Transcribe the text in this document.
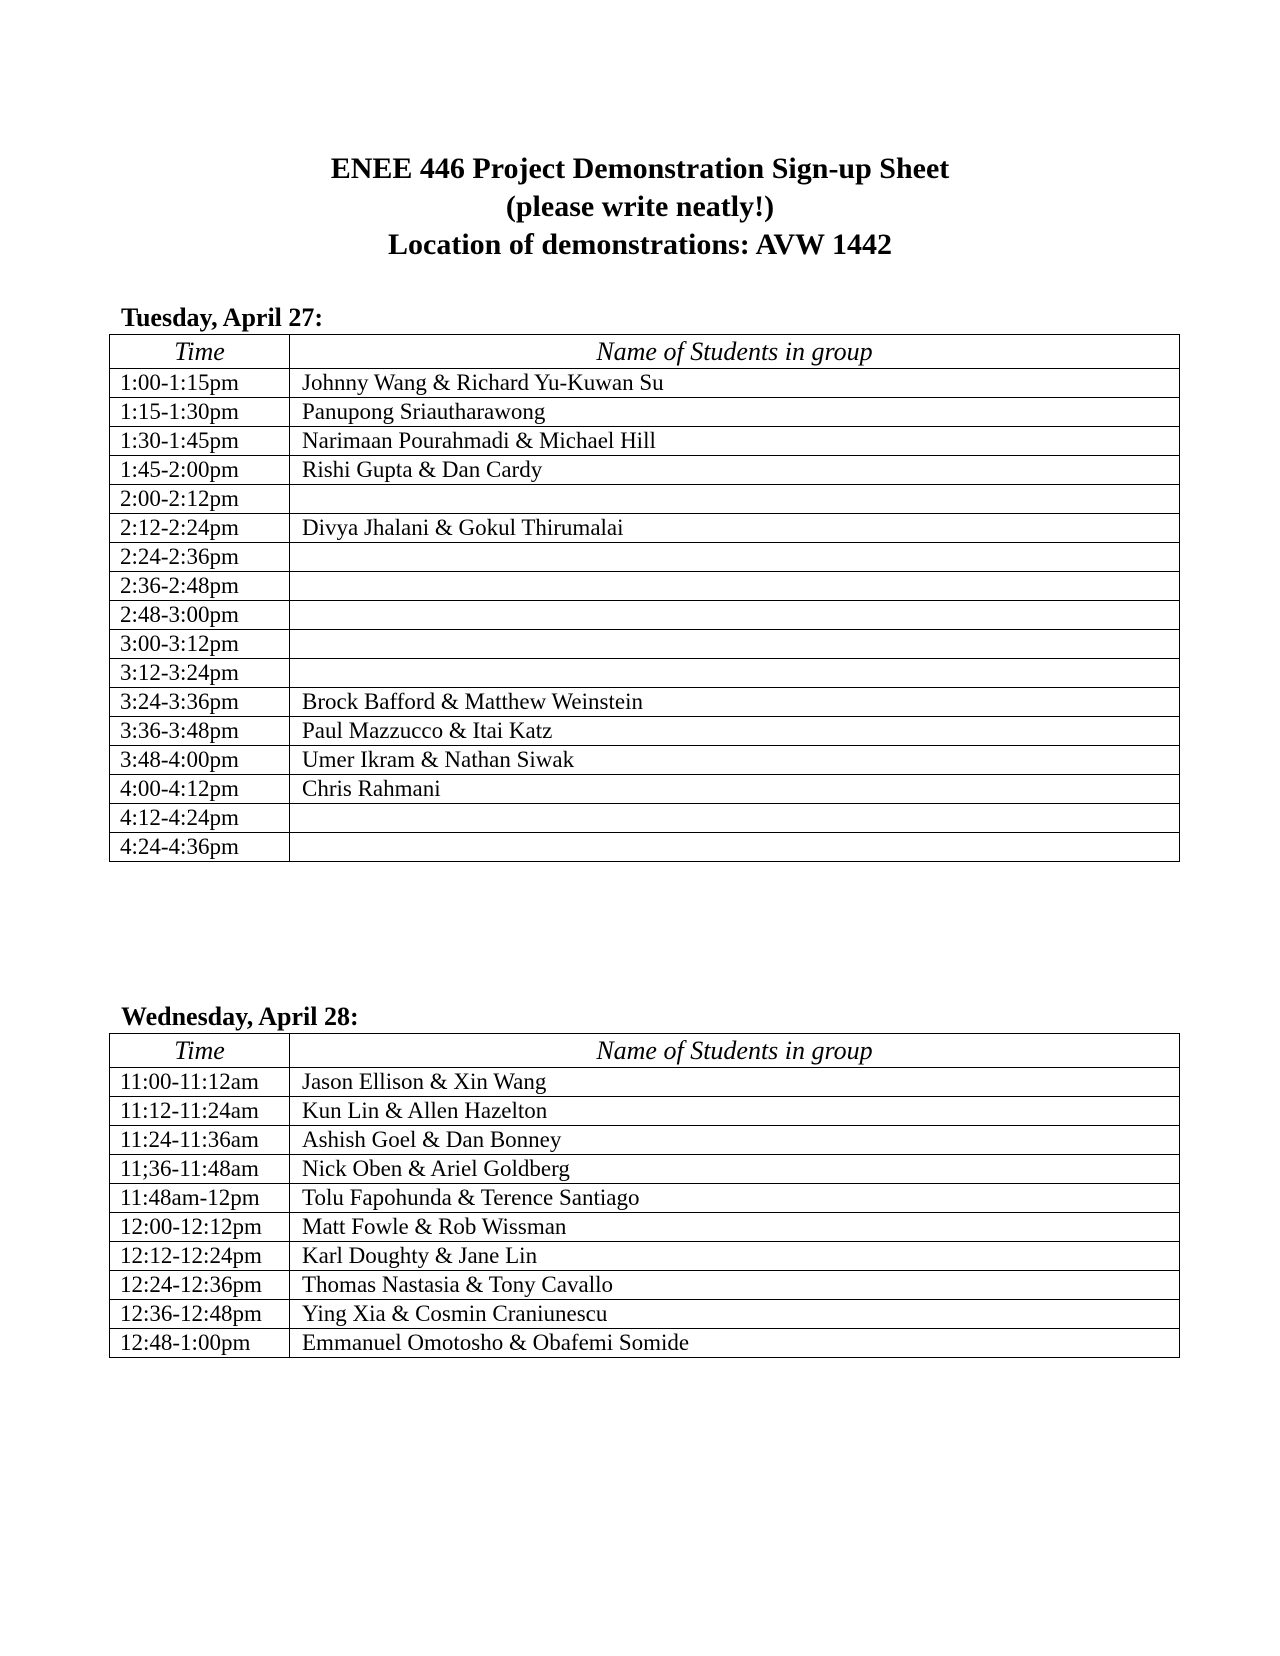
ENEE 446 Project Demonstration Sign-up Sheet
(please write neatly!)
Location of demonstrations: AVW 1442
Tuesday, April 27:
Time	Name of Students in group
1:00-1:15pm	Johnny Wang & Richard Yu-Kuwan Su
1:15-1:30pm	Panupong Sriautharawong
1:30-1:45pm	Narimaan Pourahmadi & Michael Hill
1:45-2:00pm	Rishi Gupta & Dan Cardy
2:00-2:12pm	
2:12-2:24pm	Divya Jhalani & Gokul Thirumalai
2:24-2:36pm	
2:36-2:48pm	
2:48-3:00pm	
3:00-3:12pm	
3:12-3:24pm	
3:24-3:36pm	Brock Bafford & Matthew Weinstein
3:36-3:48pm	Paul Mazzucco & Itai Katz
3:48-4:00pm	Umer Ikram & Nathan Siwak
4:00-4:12pm	Chris Rahmani
4:12-4:24pm	
4:24-4:36pm	
Wednesday, April 28:
Time	Name of Students in group
11:00-11:12am	Jason Ellison & Xin Wang
11:12-11:24am	Kun Lin & Allen Hazelton
11:24-11:36am	Ashish Goel & Dan Bonney
11;36-11:48am	Nick Oben & Ariel Goldberg
11:48am-12pm	Tolu Fapohunda & Terence Santiago
12:00-12:12pm	Matt Fowle & Rob Wissman
12:12-12:24pm	Karl Doughty & Jane Lin
12:24-12:36pm	Thomas Nastasia & Tony Cavallo
12:36-12:48pm	Ying Xia & Cosmin Craniunescu
12:48-1:00pm	Emmanuel Omotosho & Obafemi Somide
